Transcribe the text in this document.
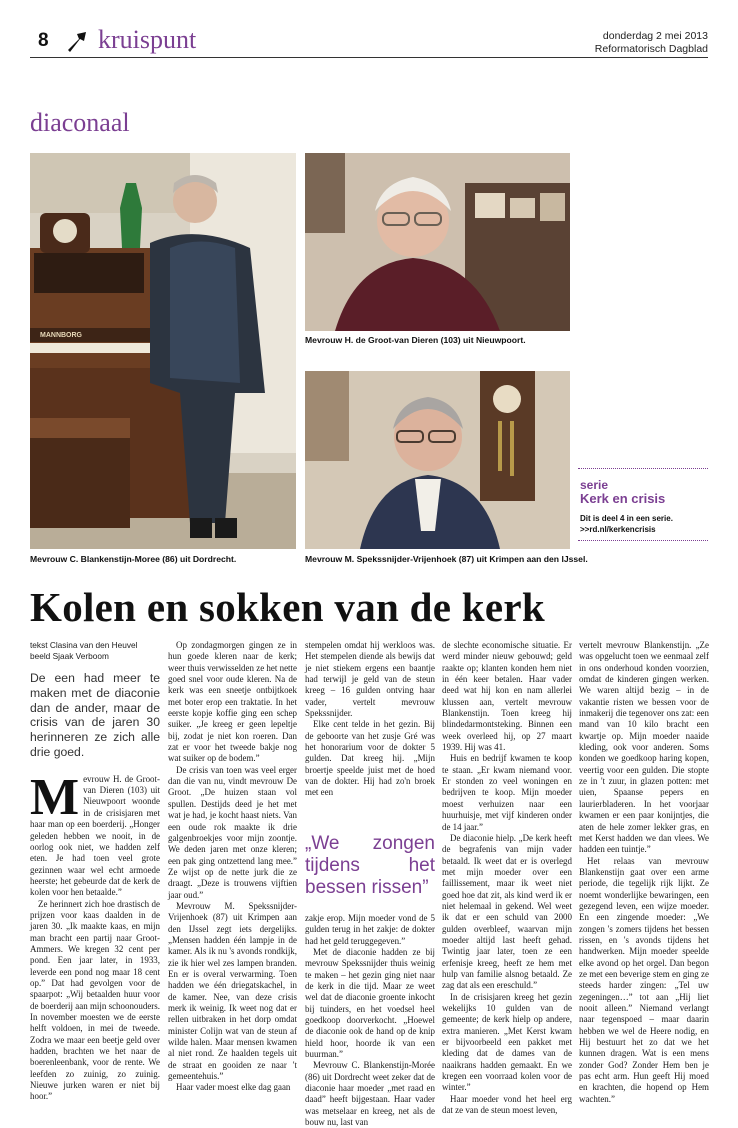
8 kruispunt	donderdag 2 mei 2013
Reformatorisch Dagblad
diaconaal
MANNBORG
Mevrouw C. Blankenstijn-Moree (86) uit Dordrecht.
Mevrouw H. de Groot-van Dieren (103) uit Nieuwpoort.
Mevrouw M. Spekssnijder-Vrijenhoek (87) uit Krimpen aan den IJssel.
serie
Kerk en crisis
Dit is deel 4 in een serie.
>>rd.nl/kerkencrisis
Kolen en sokken van de kerk
tekst Clasina van den Heuvel
beeld Sjaak Verboom
De een had meer te maken met de diaconie dan de ander, maar de crisis van de jaren 30 herinneren ze zich alle drie goed.

Mevrouw H. de Groot-van Dieren (103) uit Nieuwpoort woonde in de crisisjaren met haar man op een boerderij. „Honger geleden hebben we nooit, in de oorlog ook niet, we hadden zelf eten. Je had toen veel grote gezinnen waar wel echt armoede heerste; het gebeurde dat de kerk de kolen voor hen betaalde.”

Ze herinnert zich hoe drastisch de prijzen voor kaas daalden in de jaren 30. „Ik maakte kaas, en mijn man bracht een partij naar Groot-Ammers. We kregen 32 cent per pond. Een jaar later, in 1933, leverde een pond nog maar 18 cent op.” Dat had gevolgen voor de spaarpot: „Wij betaalden huur voor de boerderij aan mijn schoonouders. In november moesten we de eerste helft voldoen, in mei de tweede. Zodra we maar een beetje geld over hadden, brachten we het naar de boerenleenbank, voor de rente. We leefden zo zuinig, zo zuinig. Nieuwe jurken waren er niet bij hoor.”

Op zondagmorgen gingen ze in hun goede kleren naar de kerk; weer thuis verwisselden ze het nette goed snel voor oude kleren. Na de kerk was een sneetje ontbijtkoek met boter erop een traktatie. In het eerste kopje koffie ging een schep suiker. „Je kreeg er geen lepeltje bij, zodat je niet kon roeren. Dan zat er voor het tweede bakje nog wat suiker op de bodem.”

De crisis van toen was veel erger dan die van nu, vindt mevrouw De Groot. „De huizen staan vol spullen. Destijds deed je het met wat je had, je kocht haast niets. Van een oude rok maakte ik drie galgenbroekjes voor mijn zoontje. We deden jaren met onze kleren; een pak ging ontzettend lang mee.” Ze wijst op de nette jurk die ze draagt. „Deze is trouwens vijftien jaar oud.”

Mevrouw M. Spekssnijder-Vrijenhoek (87) uit Krimpen aan den IJssel zegt iets dergelijks. „Mensen hadden één lampje in de kamer. Als ik nu 's avonds rondkijk, zie ik hier wel zes lampen branden. En er is overal verwarming. Toen hadden we één driegatskachel, in de kamer. Nee, van deze crisis merk ik weinig. Ik weet nog dat er rellen uitbraken in het dorp omdat minister Colijn wat van de steun af wilde halen. Maar mensen kwamen al niet rond. Ze haalden tegels uit de straat en gooiden ze naar 't gemeentehuis.”

Haar vader moest elke dag gaan

stempelen omdat hij werkloos was. Het stempelen diende als bewijs dat je niet stiekem ergens een baantje had terwijl je geld van de steun kreeg – 16 gulden ontving haar vader, vertelt mevrouw Spekssnijder.

Elke cent telde in het gezin. Bij de geboorte van het zusje Gré was het honorarium voor de dokter 5 gulden. Dat kreeg hij. „Mijn broertje speelde juist met de hoed van de dokter. Hij had zo'n broek met een

„We zongen tijdens het bessen rissen”

zakje erop. Mijn moeder vond de 5 gulden terug in het zakje: de dokter had het geld teruggegeven.”

Met de diaconie hadden ze bij mevrouw Spekssnijder thuis weinig te maken – het gezin ging niet naar de kerk in die tijd. Maar ze weet wel dat de diaconie groente inkocht bij tuinders, en het voedsel heel goedkoop doorverkocht. „Hoewel de diaconie ook de hand op de knip hield hoor, hoorde ik van een buurman.”

Mevrouw C. Blankenstijn-Morée (86) uit Dordrecht weet zeker dat de diaconie haar moeder „met raad en daad” heeft bijgestaan. Haar vader was metselaar en kreeg, net als de bouw nu, last van

de slechte economische situatie. Er werd minder nieuw gebouwd; geld raakte op; klanten konden hem niet in één keer betalen. Haar vader deed wat hij kon en nam allerlei klussen aan, vertelt mevrouw Blankenstijn. Toen kreeg hij blindedarmontsteking. Binnen een week overleed hij, op 27 maart 1939. Hij was 41.

Huis en bedrijf kwamen te koop te staan. „Er kwam niemand voor. Er stonden zo veel woningen en bedrijven te koop. Mijn moeder moest verhuizen naar een huurhuisje, met vijf kinderen onder de 14 jaar.”

De diaconie hielp. „De kerk heeft de begrafenis van mijn vader betaald. Ik weet dat er is overlegd met mijn moeder over een faillissement, maar ik weet niet goed hoe dat zit, als kind werd ik er niet helemaal in gekend. Wel weet ik dat er een schuld van 2000 gulden overbleef, waarvan mijn moeder altijd last heeft gehad. Twintig jaar later, toen ze een erfenisje kreeg, heeft ze hem met hulp van familie alsnog betaald. Ze zag dat als een ereschuld.”

In de crisisjaren kreeg het gezin wekelijks 10 gulden van de gemeente; de kerk hielp op andere, extra manieren. „Met Kerst kwam er bijvoorbeeld een pakket met kleding dat de dames van de naaikrans hadden gemaakt. En we kregen een voorraad kolen voor de winter.”

Haar moeder vond het heel erg dat ze van de steun moest leven,

vertelt mevrouw Blankenstijn. „Ze was opgelucht toen we eenmaal zelf in ons onderhoud konden voorzien, omdat de kinderen gingen werken. We waren altijd bezig – in de vakantie risten we bessen voor de inmakerij die tegenover ons zat: een mand van 10 kilo bracht een kwartje op. Mijn moeder naaide kleding, ook voor anderen. Soms konden we goedkoop haring kopen, veertig voor een gulden. Die stopte ze in 't zuur, in glazen potten: met uien, Spaanse pepers en laurierbladeren. In het voorjaar kwamen er een paar konijntjes, die aten de hele zomer lekker gras, en met Kerst hadden we dan vlees. We hadden een tuintje.”

Het relaas van mevrouw Blankenstijn gaat over een arme periode, die tegelijk rijk lijkt. Ze noemt wonderlijke bewaringen, een gezegend leven, een wijze moeder. En een zingende moeder: „We zongen 's zomers tijdens het bessen rissen, en 's avonds tijdens het handwerken. Mijn moeder speelde elke avond op het orgel. Dan begon ze met een beverige stem en ging ze steeds harder zingen: „Tel uw zegeningen…” tot aan „Hij liet nooit alleen.” Niemand verlangt naar tegenspoed – maar daarin hebben we wel de Heere nodig, en Hij bestuurt het zo dat we het kunnen dragen. Wat is een mens zonder God? Zonder Hem ben je pas echt arm. Hun geeft Hij moed en krachten, die hopend op Hem wachten.”
